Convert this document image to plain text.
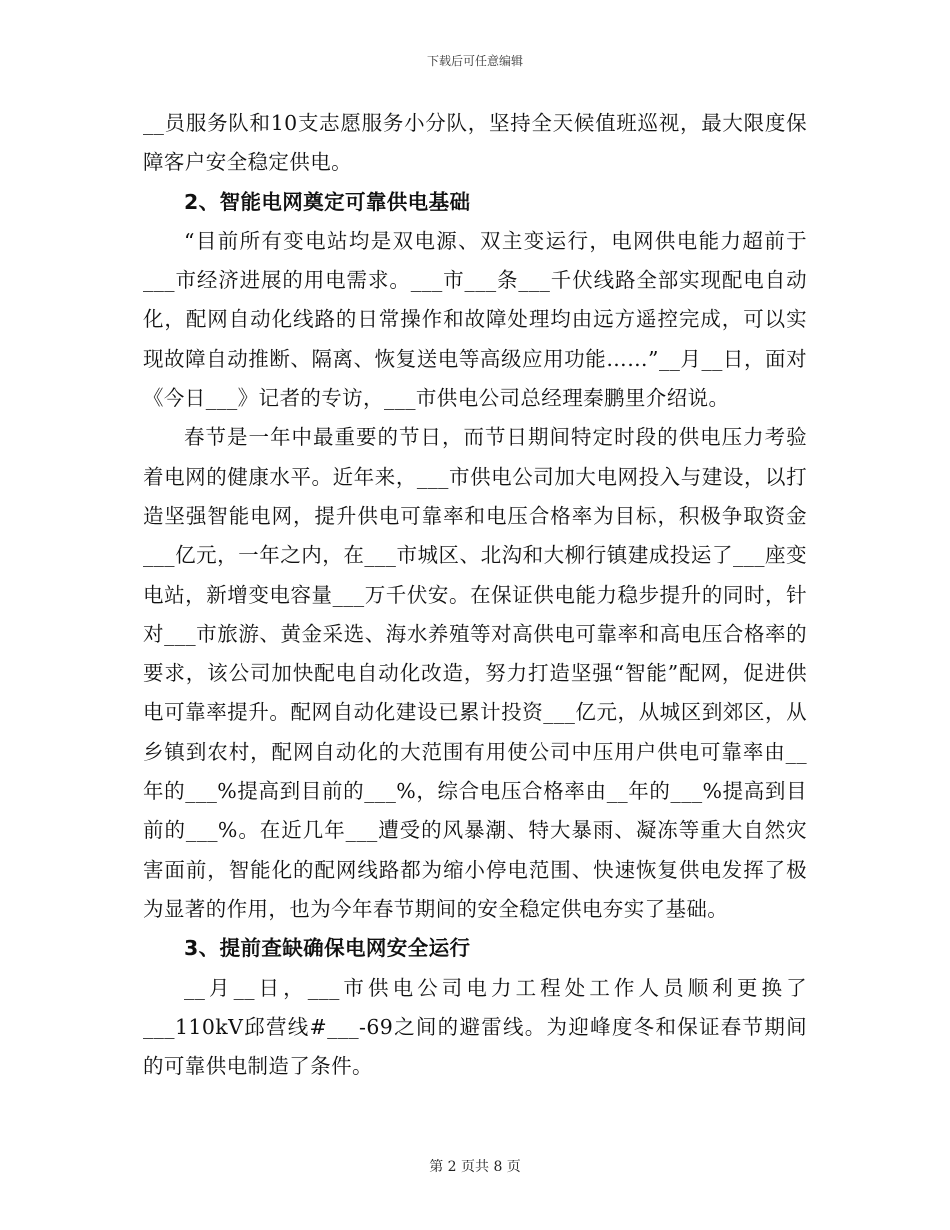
下载后可任意编辑

__员服务队和10支志愿服务小分队，坚持全天候值班巡视，最大限度保障客户安全稳定供电。

2、智能电网奠定可靠供电基础

“目前所有变电站均是双电源、双主变运行，电网供电能力超前于___市经济进展的用电需求。___市___条___千伏线路全部实现配电自动化，配网自动化线路的日常操作和故障处理均由远方遥控完成，可以实现故障自动推断、隔离、恢复送电等高级应用功能……”__月__日，面对《今日___》记者的专访，___市供电公司总经理秦鹏里介绍说。

春节是一年中最重要的节日，而节日期间特定时段的供电压力考验着电网的健康水平。近年来，___市供电公司加大电网投入与建设，以打造坚强智能电网，提升供电可靠率和电压合格率为目标，积极争取资金___亿元，一年之内，在___市城区、北沟和大柳行镇建成投运了___座变电站，新增变电容量___万千伏安。在保证供电能力稳步提升的同时，针对___市旅游、黄金采选、海水养殖等对高供电可靠率和高电压合格率的要求，该公司加快配电自动化改造，努力打造坚强“智能”配网，促进供电可靠率提升。配网自动化建设已累计投资___亿元，从城区到郊区，从乡镇到农村，配网自动化的大范围有用使公司中压用户供电可靠率由__年的___%提高到目前的___%，综合电压合格率由__年的___%提高到目前的___%。在近几年___遭受的风暴潮、特大暴雨、凝冻等重大自然灾害面前，智能化的配网线路都为缩小停电范围、快速恢复供电发挥了极为显著的作用，也为今年春节期间的安全稳定供电夯实了基础。

3、提前查缺确保电网安全运行

__月__日，___市供电公司电力工程处工作人员顺利更换了___110kV邱营线#___-69之间的避雷线。为迎峰度冬和保证春节期间的可靠供电制造了条件。

第 2 页共 8 页
